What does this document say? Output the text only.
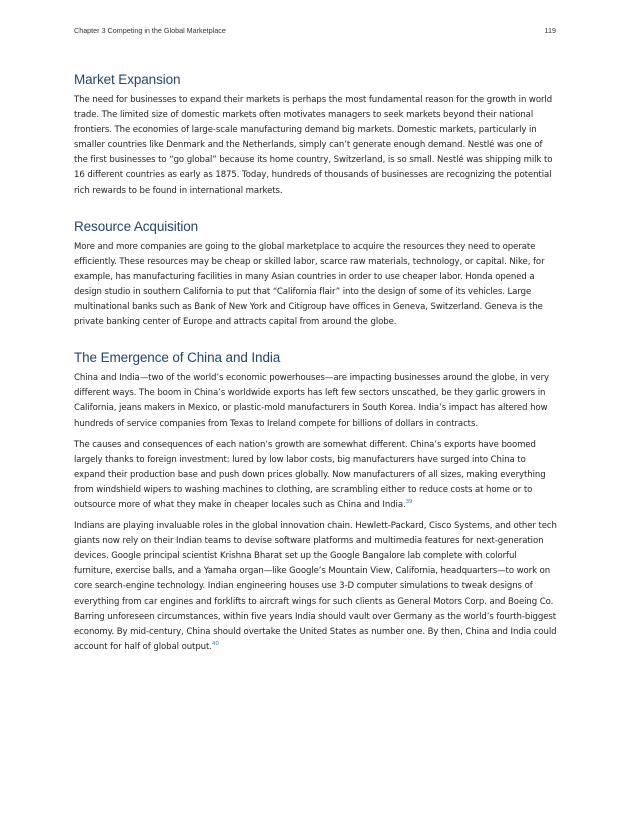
Chapter 3 Competing in the Global Marketplace	119
Market Expansion

The need for businesses to expand their markets is perhaps the most fundamental reason for the growth in world trade. The limited size of domestic markets often motivates managers to seek markets beyond their national frontiers. The economies of large-scale manufacturing demand big markets. Domestic markets, particularly in smaller countries like Denmark and the Netherlands, simply can’t generate enough demand. Nestlé was one of the first businesses to “go global” because its home country, Switzerland, is so small. Nestlé was shipping milk to 16 different countries as early as 1875. Today, hundreds of thousands of businesses are recognizing the potential rich rewards to be found in international markets.

Resource Acquisition

More and more companies are going to the global marketplace to acquire the resources they need to operate efficiently. These resources may be cheap or skilled labor, scarce raw materials, technology, or capital. Nike, for example, has manufacturing facilities in many Asian countries in order to use cheaper labor. Honda opened a design studio in southern California to put that “California flair” into the design of some of its vehicles. Large multinational banks such as Bank of New York and Citigroup have offices in Geneva, Switzerland. Geneva is the private banking center of Europe and attracts capital from around the globe.

The Emergence of China and India

China and India—two of the world’s economic powerhouses—are impacting businesses around the globe, in very different ways. The boom in China’s worldwide exports has left few sectors unscathed, be they garlic growers in California, jeans makers in Mexico, or plastic-mold manufacturers in South Korea. India’s impact has altered how hundreds of service companies from Texas to Ireland compete for billions of dollars in contracts.

The causes and consequences of each nation’s growth are somewhat different. China’s exports have boomed largely thanks to foreign investment: lured by low labor costs, big manufacturers have surged into China to expand their production base and push down prices globally. Now manufacturers of all sizes, making everything from windshield wipers to washing machines to clothing, are scrambling either to reduce costs at home or to outsource more of what they make in cheaper locales such as China and India.$^{39}$

Indians are playing invaluable roles in the global innovation chain. Hewlett-Packard, Cisco Systems, and other tech giants now rely on their Indian teams to devise software platforms and multimedia features for next-generation devices. Google principal scientist Krishna Bharat set up the Google Bangalore lab complete with colorful furniture, exercise balls, and a Yamaha organ—like Google’s Mountain View, California, headquarters—to work on core search-engine technology. Indian engineering houses use 3-D computer simulations to tweak designs of everything from car engines and forklifts to aircraft wings for such clients as General Motors Corp. and Boeing Co. Barring unforeseen circumstances, within five years India should vault over Germany as the world’s fourth-biggest economy. By mid-century, China should overtake the United States as number one. By then, China and India could account for half of global output.$^{40}$
